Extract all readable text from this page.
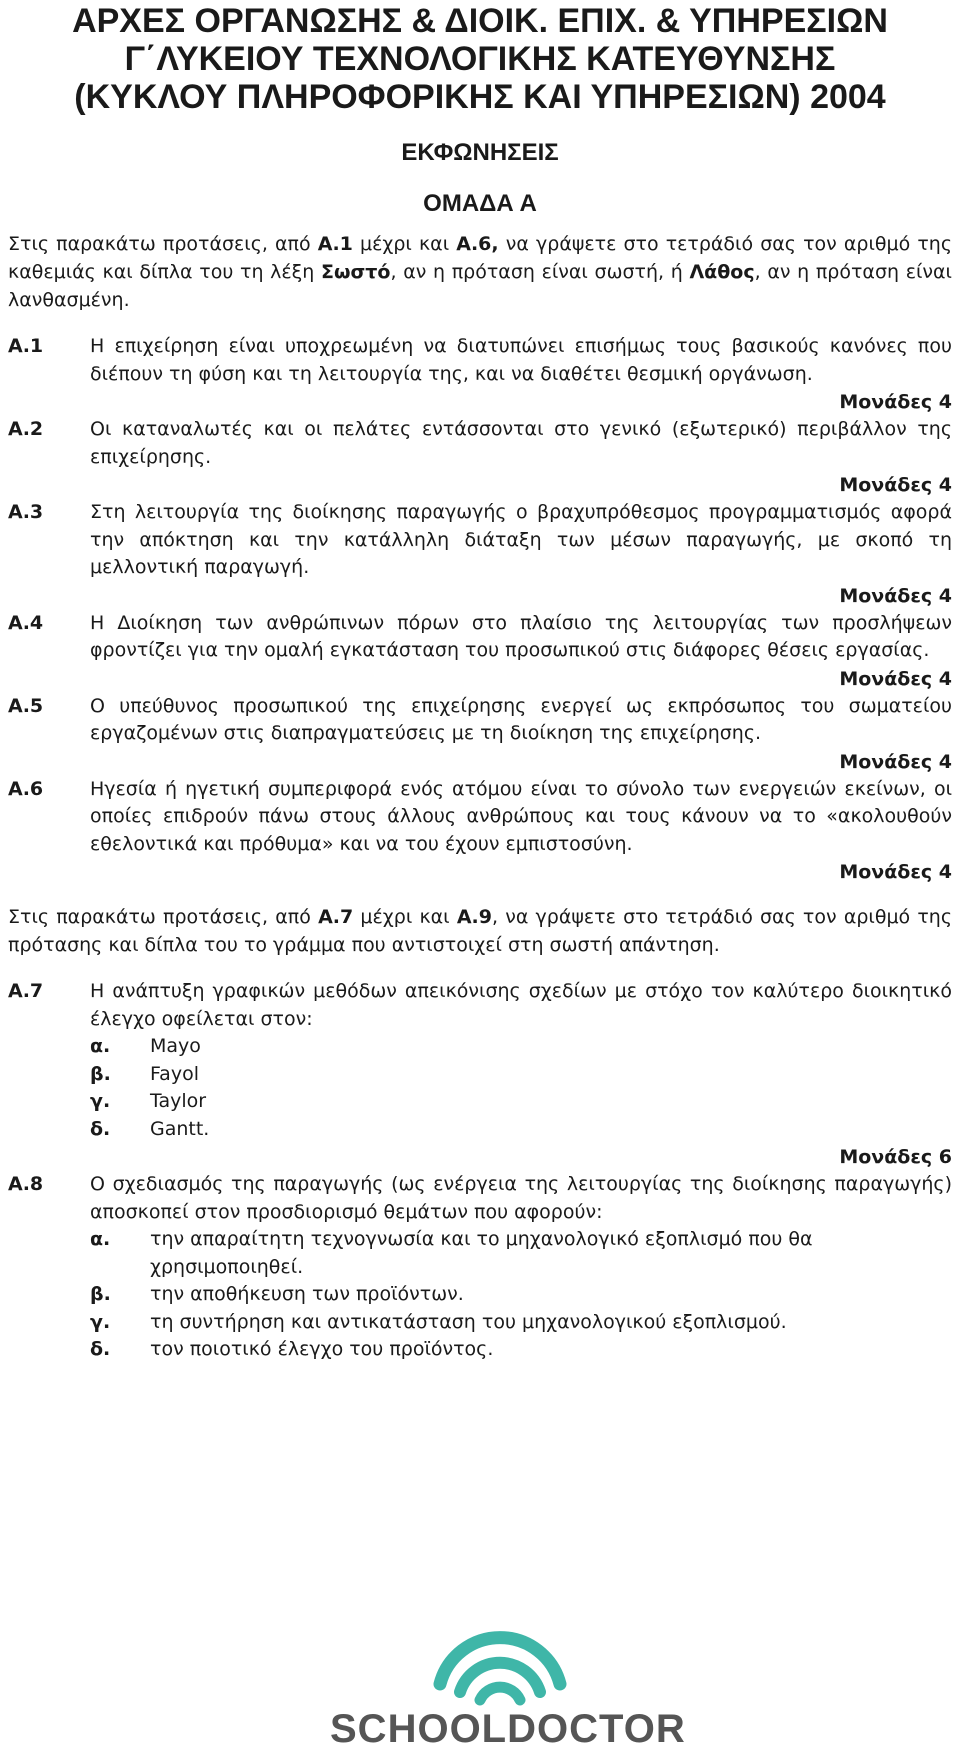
ΑΡΧΕΣ ΟΡΓΑΝΩΣΗΣ & ΔΙΟΙΚ. ΕΠΙΧ. & ΥΠΗΡΕΣΙΩΝ

Γ΄ΛΥΚΕΙΟΥ ΤΕΧΝΟΛΟΓΙΚΗΣ ΚΑΤΕΥΘΥΝΣΗΣ

(ΚΥΚΛΟΥ ΠΛΗΡΟΦΟΡΙΚΗΣ ΚΑΙ ΥΠΗΡΕΣΙΩΝ) 2004

ΕΚΦΩΝΗΣΕΙΣ

ΟΜΑΔΑ Α

Στις παρακάτω προτάσεις, από Α.1 μέχρι και Α.6, να γράψετε στο τετράδιό σας τον αριθμό της καθεμιάς και δίπλα του τη λέξη Σωστό, αν η πρόταση είναι σωστή, ή Λάθος, αν η πρόταση είναι λανθασμένη.

Α.1	Η επιχείρηση είναι υποχρεωμένη να διατυπώνει επισήμως τους βασικούς κανόνες που διέπουν τη φύση και τη λειτουργία της, και να διαθέτει θεσμική οργάνωση.
Μονάδες 4
Α.2	Οι καταναλωτές και οι πελάτες εντάσσονται στο γενικό (εξωτερικό) περιβάλλον της επιχείρησης.
Μονάδες 4
Α.3	Στη λειτουργία της διοίκησης παραγωγής ο βραχυπρόθεσμος προγραμματισμός αφορά την απόκτηση και την κατάλληλη διάταξη των μέσων παραγωγής, με σκοπό τη μελλοντική παραγωγή.
Μονάδες 4
Α.4	Η Διοίκηση των ανθρώπινων πόρων στο πλαίσιο της λειτουργίας των προσλήψεων φροντίζει για την ομαλή εγκατάσταση του προσωπικού στις διάφορες θέσεις εργασίας.
Μονάδες 4
Α.5	Ο υπεύθυνος προσωπικού της επιχείρησης ενεργεί ως εκπρόσωπος του σωματείου εργαζομένων στις διαπραγματεύσεις με τη διοίκηση της επιχείρησης.
Μονάδες 4
Α.6	Ηγεσία ή ηγετική συμπεριφορά ενός ατόμου είναι το σύνολο των ενεργειών εκείνων, οι οποίες επιδρούν πάνω στους άλλους ανθρώπους και τους κάνουν να το «ακολουθούν εθελοντικά και πρόθυμα» και να του έχουν εμπιστοσύνη.
Μονάδες 4

Στις παρακάτω προτάσεις, από Α.7 μέχρι και Α.9, να γράψετε στο τετράδιό σας τον αριθμό της πρότασης και δίπλα του το γράμμα που αντιστοιχεί στη σωστή απάντηση.

Α.7	Η ανάπτυξη γραφικών μεθόδων απεικόνισης σχεδίων με στόχο τον καλύτερο διοικητικό έλεγχο οφείλεται στον:
α.	Mayo
β.	Fayol
γ.	Taylor
δ.	Gantt.
Μονάδες 6
Α.8	Ο σχεδιασμός της παραγωγής (ως ενέργεια της λειτουργίας της διοίκησης παραγωγής) αποσκοπεί στον προσδιορισμό θεμάτων που αφορούν:
α.	την απαραίτητη τεχνογνωσία και το μηχανολογικό εξοπλισμό που θα χρησιμοποιηθεί.
β.	την αποθήκευση των προϊόντων.
γ.	τη συντήρηση και αντικατάσταση του μηχανολογικού εξοπλισμού.
δ.	τον ποιοτικό έλεγχο του προϊόντος.
SCHOOLDOCTOR
